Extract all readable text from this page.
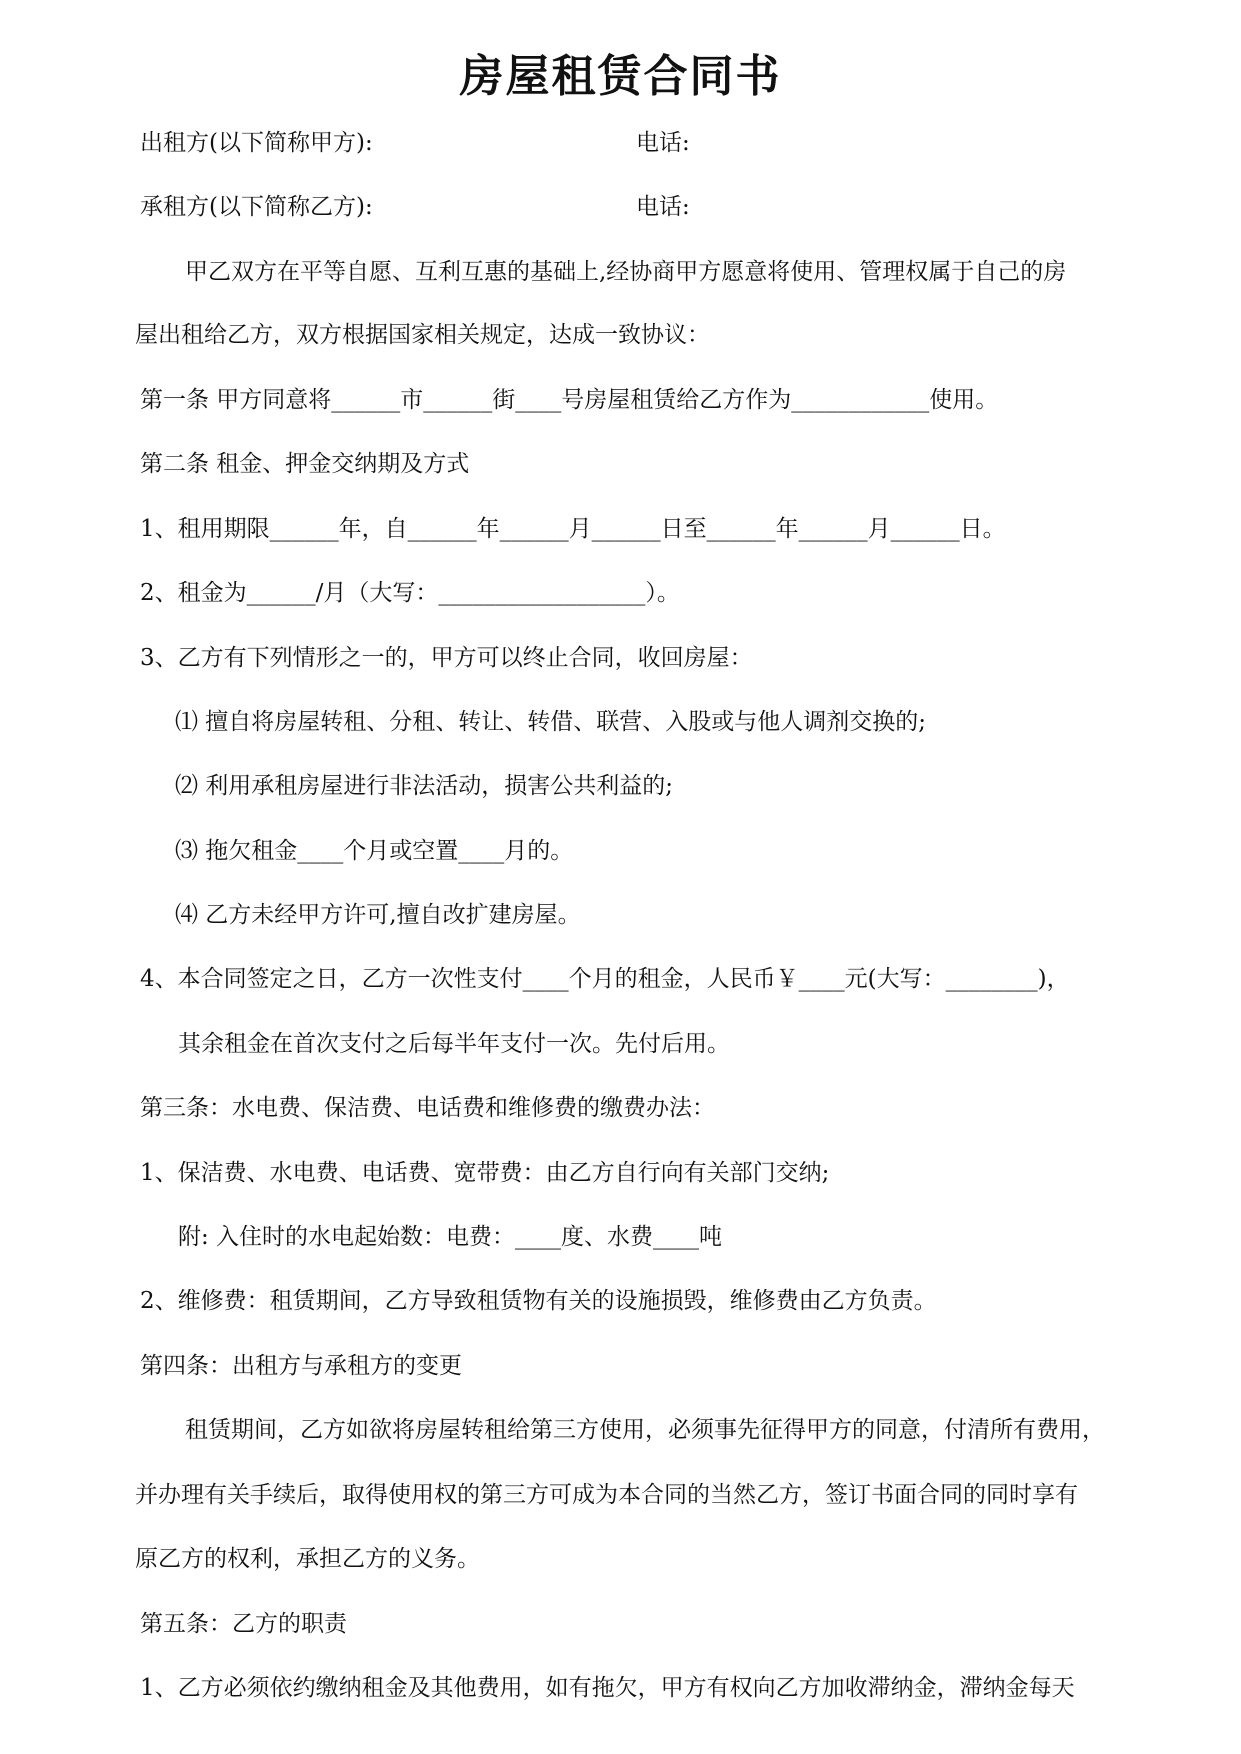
房屋租赁合同书
出租方(以下简称甲方):	电话:
承租方(以下简称乙方):	电话:
甲乙双方在平等自愿、互利互惠的基础上,经协商甲方愿意将使用、管理权属于自己的房
屋出租给乙方，双方根据国家相关规定，达成一致协议：
第一条 甲方同意将______市______街____号房屋租赁给乙方作为____________使用。
第二条 租金、押金交纳期及方式
1、租用期限______年，自______年______月______日至______年______月______日。
2、租金为______/月（大写：__________________）。
3、乙方有下列情形之一的，甲方可以终止合同，收回房屋：
⑴ 擅自将房屋转租、分租、转让、转借、联营、入股或与他人调剂交换的;
⑵ 利用承租房屋进行非法活动，损害公共利益的;
⑶ 拖欠租金____个月或空置____月的。
⑷ 乙方未经甲方许可,擅自改扩建房屋。
4、本合同签定之日，乙方一次性支付____个月的租金，人民币￥____元(大写：________)，
其余租金在首次支付之后每半年支付一次。先付后用。
第三条：水电费、保洁费、电话费和维修费的缴费办法：
1、保洁费、水电费、电话费、宽带费：由乙方自行向有关部门交纳;
附: 入住时的水电起始数：电费：____度、水费____吨
2、维修费：租赁期间，乙方导致租赁物有关的设施损毁，维修费由乙方负责。
第四条：出租方与承租方的变更
租赁期间，乙方如欲将房屋转租给第三方使用，必须事先征得甲方的同意，付清所有费用，
并办理有关手续后，取得使用权的第三方可成为本合同的当然乙方，签订书面合同的同时享有
原乙方的权利，承担乙方的义务。
第五条：乙方的职责
1、乙方必须依约缴纳租金及其他费用，如有拖欠，甲方有权向乙方加收滞纳金，滞纳金每天
